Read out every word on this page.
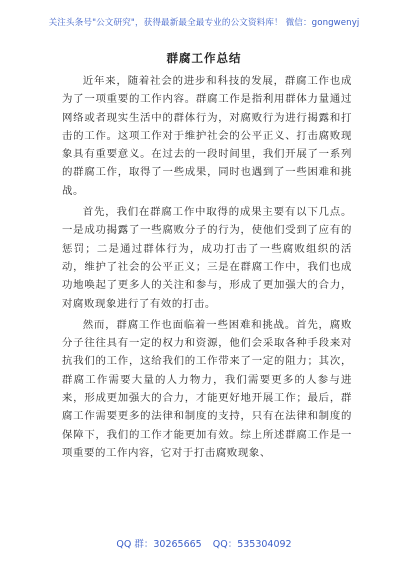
关注头条号"公文研究"，获得最新最全最专业的公文资料库！ 微信：gongwenyj
群腐工作总结

近年来，随着社会的进步和科技的发展，群腐工作也成为了一项重要的工作内容。群腐工作是指利用群体力量通过网络或者现实生活中的群体行为，对腐败行为进行揭露和打击的工作。这项工作对于维护社会的公平正义、打击腐败现象具有重要意义。在过去的一段时间里，我们开展了一系列的群腐工作，取得了一些成果，同时也遇到了一些困难和挑战。

首先，我们在群腐工作中取得的成果主要有以下几点。一是成功揭露了一些腐败分子的行为，使他们受到了应有的惩罚；二是通过群体行为，成功打击了一些腐败组织的活动，维护了社会的公平正义；三是在群腐工作中，我们也成功地唤起了更多人的关注和参与，形成了更加强大的合力，对腐败现象进行了有效的打击。

然而，群腐工作也面临着一些困难和挑战。首先，腐败分子往往具有一定的权力和资源，他们会采取各种手段来对抗我们的工作，这给我们的工作带来了一定的阻力；其次，群腐工作需要大量的人力物力，我们需要更多的人参与进来，形成更加强大的合力，才能更好地开展工作；最后，群腐工作需要更多的法律和制度的支持，只有在法律和制度的保障下，我们的工作才能更加有效。综上所述群腐工作是一项重要的工作内容，它对于打击腐败现象、

QQ 群：30265665 QQ：535304092
